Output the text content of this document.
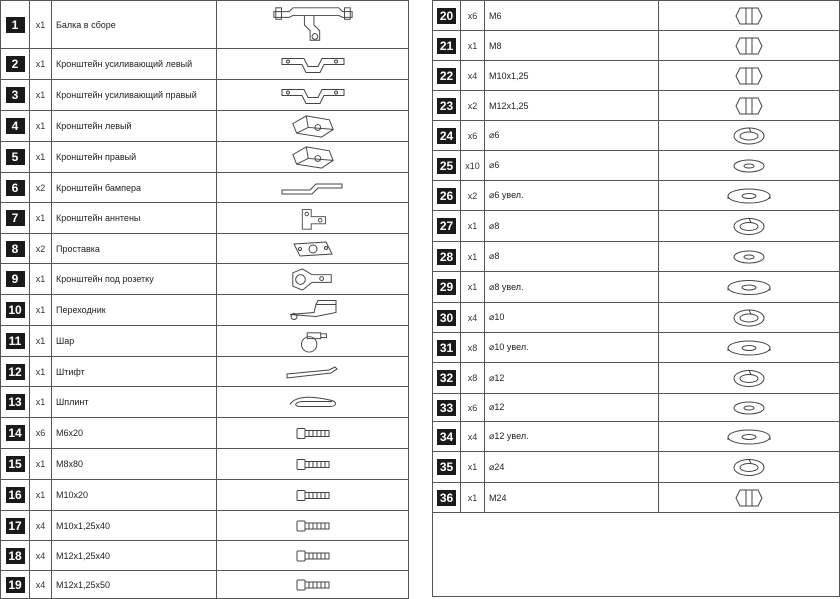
1	x1	Балка в сборе	

2	x1	Кронштейн усиливающий левый	

3	x1	Кронштейн усиливающий правый	

4	x1	Кронштейн левый	

5	x1	Кронштейн правый	

6	x2	Кронштейн бампера	

7	x1	Кронштейн аннтены	

8	x2	Проставка	

9	x1	Кронштейн под розетку	

10	x1	Переходник	

11	x1	Шар	

12	x1	Штифт	

13	x1	Шплинт	

14	x6	M6x20	

15	x1	M8x80	

16	x1	M10x20	

17	x4	M10x1,25x40	

18	x4	M12x1,25x40	

19	x4	M12x1,25x50	
20	x6	M6	

21	x1	M8	

22	x4	M10x1,25	

23	x2	M12x1,25	

24	x6	⌀6	

25	x10	⌀6	

26	x2	⌀6 увел.	

27	x1	⌀8	

28	x1	⌀8	

29	x1	⌀8 увел.	

30	x4	⌀10	

31	x8	⌀10 увел.	

32	x8	⌀12	

33	x6	⌀12	

34	x4	⌀12 увел.	

35	x1	⌀24	

36	x1	M24	
